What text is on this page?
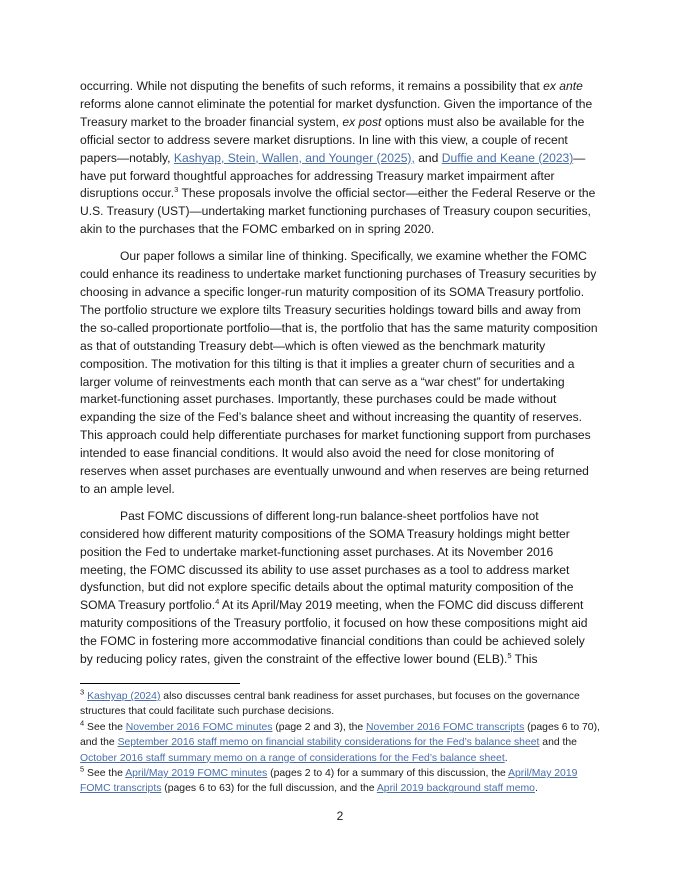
occurring. While not disputing the benefits of such reforms, it remains a possibility that ex ante reforms alone cannot eliminate the potential for market dysfunction. Given the importance of the Treasury market to the broader financial system, ex post options must also be available for the official sector to address severe market disruptions. In line with this view, a couple of recent papers—notably, Kashyap, Stein, Wallen, and Younger (2025), and Duffie and Keane (2023)—have put forward thoughtful approaches for addressing Treasury market impairment after disruptions occur.$^3$ These proposals involve the official sector—either the Federal Reserve or the U.S. Treasury (UST)—undertaking market functioning purchases of Treasury coupon securities, akin to the purchases that the FOMC embarked on in spring 2020.

Our paper follows a similar line of thinking. Specifically, we examine whether the FOMC could enhance its readiness to undertake market functioning purchases of Treasury securities by choosing in advance a specific longer-run maturity composition of its SOMA Treasury portfolio. The portfolio structure we explore tilts Treasury securities holdings toward bills and away from the so-called proportionate portfolio—that is, the portfolio that has the same maturity composition as that of outstanding Treasury debt—which is often viewed as the benchmark maturity composition. The motivation for this tilting is that it implies a greater churn of securities and a larger volume of reinvestments each month that can serve as a “war chest” for undertaking market-functioning asset purchases. Importantly, these purchases could be made without expanding the size of the Fed’s balance sheet and without increasing the quantity of reserves. This approach could help differentiate purchases for market functioning support from purchases intended to ease financial conditions. It would also avoid the need for close monitoring of reserves when asset purchases are eventually unwound and when reserves are being returned to an ample level.

Past FOMC discussions of different long-run balance-sheet portfolios have not considered how different maturity compositions of the SOMA Treasury holdings might better position the Fed to undertake market-functioning asset purchases. At its November 2016 meeting, the FOMC discussed its ability to use asset purchases as a tool to address market dysfunction, but did not explore specific details about the optimal maturity composition of the SOMA Treasury portfolio.$^4$ At its April/May 2019 meeting, when the FOMC did discuss different maturity compositions of the Treasury portfolio, it focused on how these compositions might aid the FOMC in fostering more accommodative financial conditions than could be achieved solely by reducing policy rates, given the constraint of the effective lower bound (ELB).$^5$ This

$^3$ Kashyap (2024) also discusses central bank readiness for asset purchases, but focuses on the governance structures that could facilitate such purchase decisions.

$^4$ See the November 2016 FOMC minutes (page 2 and 3), the November 2016 FOMC transcripts (pages 6 to 70), and the September 2016 staff memo on financial stability considerations for the Fed’s balance sheet and the October 2016 staff summary memo on a range of considerations for the Fed’s balance sheet.

$^5$ See the April/May 2019 FOMC minutes (pages 2 to 4) for a summary of this discussion, the April/May 2019 FOMC transcripts (pages 6 to 63) for the full discussion, and the April 2019 background staff memo.

2
